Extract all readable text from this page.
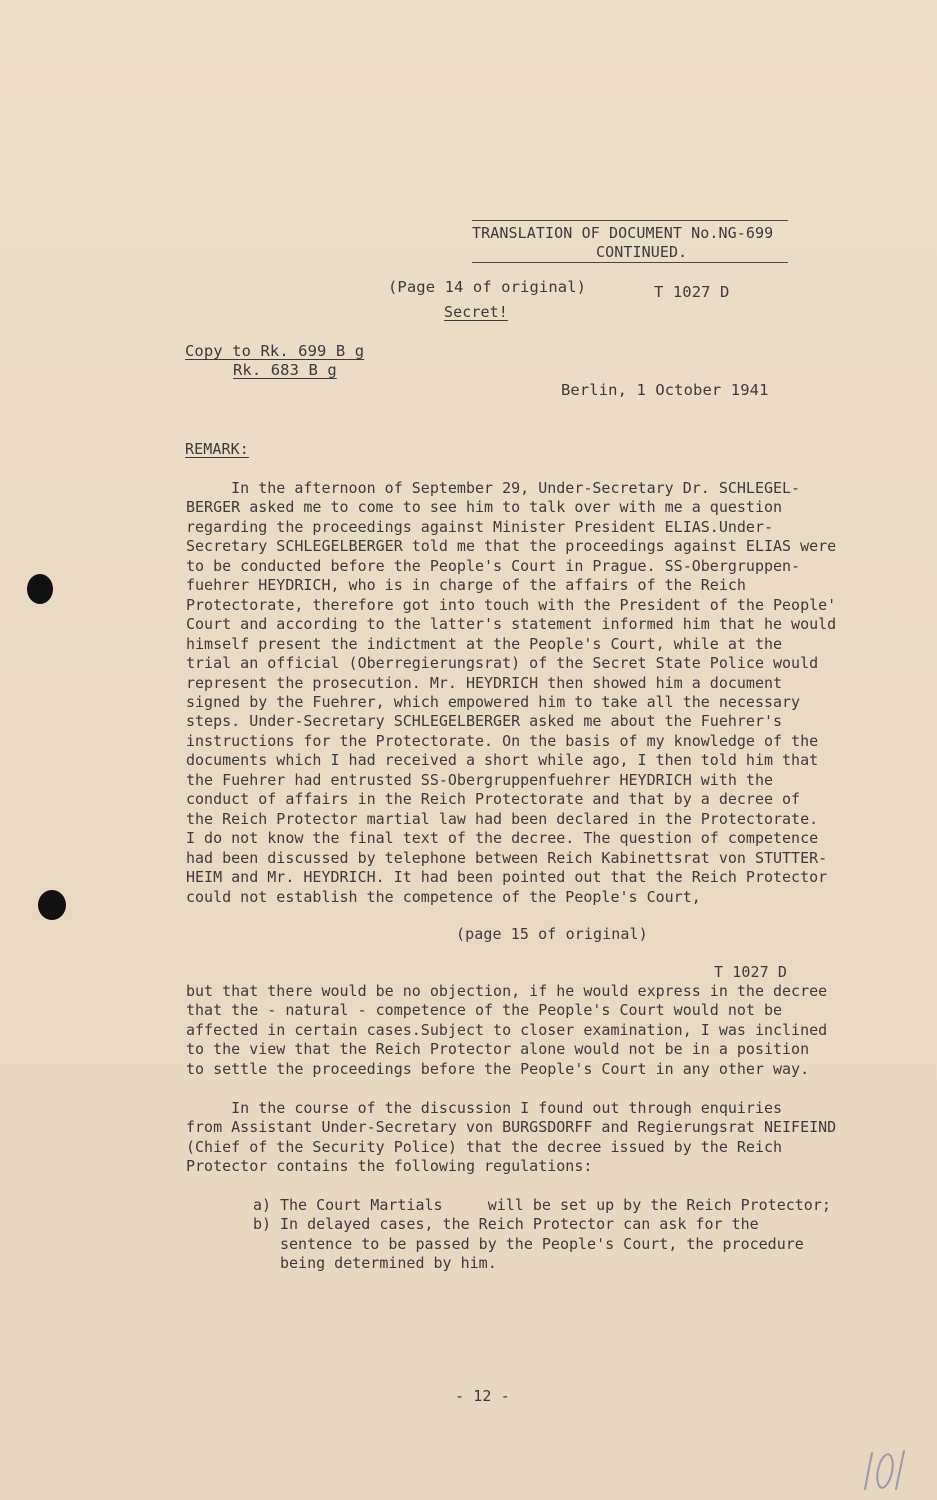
TRANSLATION OF DOCUMENT No.NG-699
CONTINUED.
(Page 14 of original)	T 1027 D
Secret!
Copy to Rk. 699 B g
Rk. 683 B g
Berlin, 1 October 1941
REMARK:
In the afternoon of September 29, Under-Secretary Dr. SCHLEGEL-
BERGER asked me to come to see him to talk over with me a question
regarding the proceedings against Minister President ELIAS.Under-
Secretary SCHLEGELBERGER told me that the proceedings against ELIAS were
to be conducted before the People's Court in Prague. SS-Obergruppen-
fuehrer HEYDRICH, who is in charge of the affairs of the Reich
Protectorate, therefore got into touch with the President of the People'
Court and according to the latter's statement informed him that he would
himself present the indictment at the People's Court, while at the
trial an official (Oberregierungsrat) of the Secret State Police would
represent the prosecution. Mr. HEYDRICH then showed him a document
signed by the Fuehrer, which empowered him to take all the necessary
steps. Under-Secretary SCHLEGELBERGER asked me about the Fuehrer's
instructions for the Protectorate. On the basis of my knowledge of the
documents which I had received a short while ago, I then told him that
the Fuehrer had entrusted SS-Obergruppenfuehrer HEYDRICH with the
conduct of affairs in the Reich Protectorate and that by a decree of
the Reich Protector martial law had been declared in the Protectorate.
I do not know the final text of the decree. The question of competence
had been discussed by telephone between Reich Kabinettsrat von STUTTER-
HEIM and Mr. HEYDRICH. It had been pointed out that the Reich Protector
could not establish the competence of the People's Court,
(page 15 of original)
T 1027 D
but that there would be no objection, if he would express in the decree
that the - natural - competence of the People's Court would not be
affected in certain cases.Subject to closer examination, I was inclined
to the view that the Reich Protector alone would not be in a position
to settle the proceedings before the People's Court in any other way.
In the course of the discussion I found out through enquiries
from Assistant Under-Secretary von BURGSDORFF and Regierungsrat NEIFEIND
(Chief of the Security Police) that the decree issued by the Reich
Protector contains the following regulations:
a) The Court Martials     will be set up by the Reich Protector;
b) In delayed cases, the Reich Protector can ask for the
sentence to be passed by the People's Court, the procedure
being determined by him.
- 12 -
